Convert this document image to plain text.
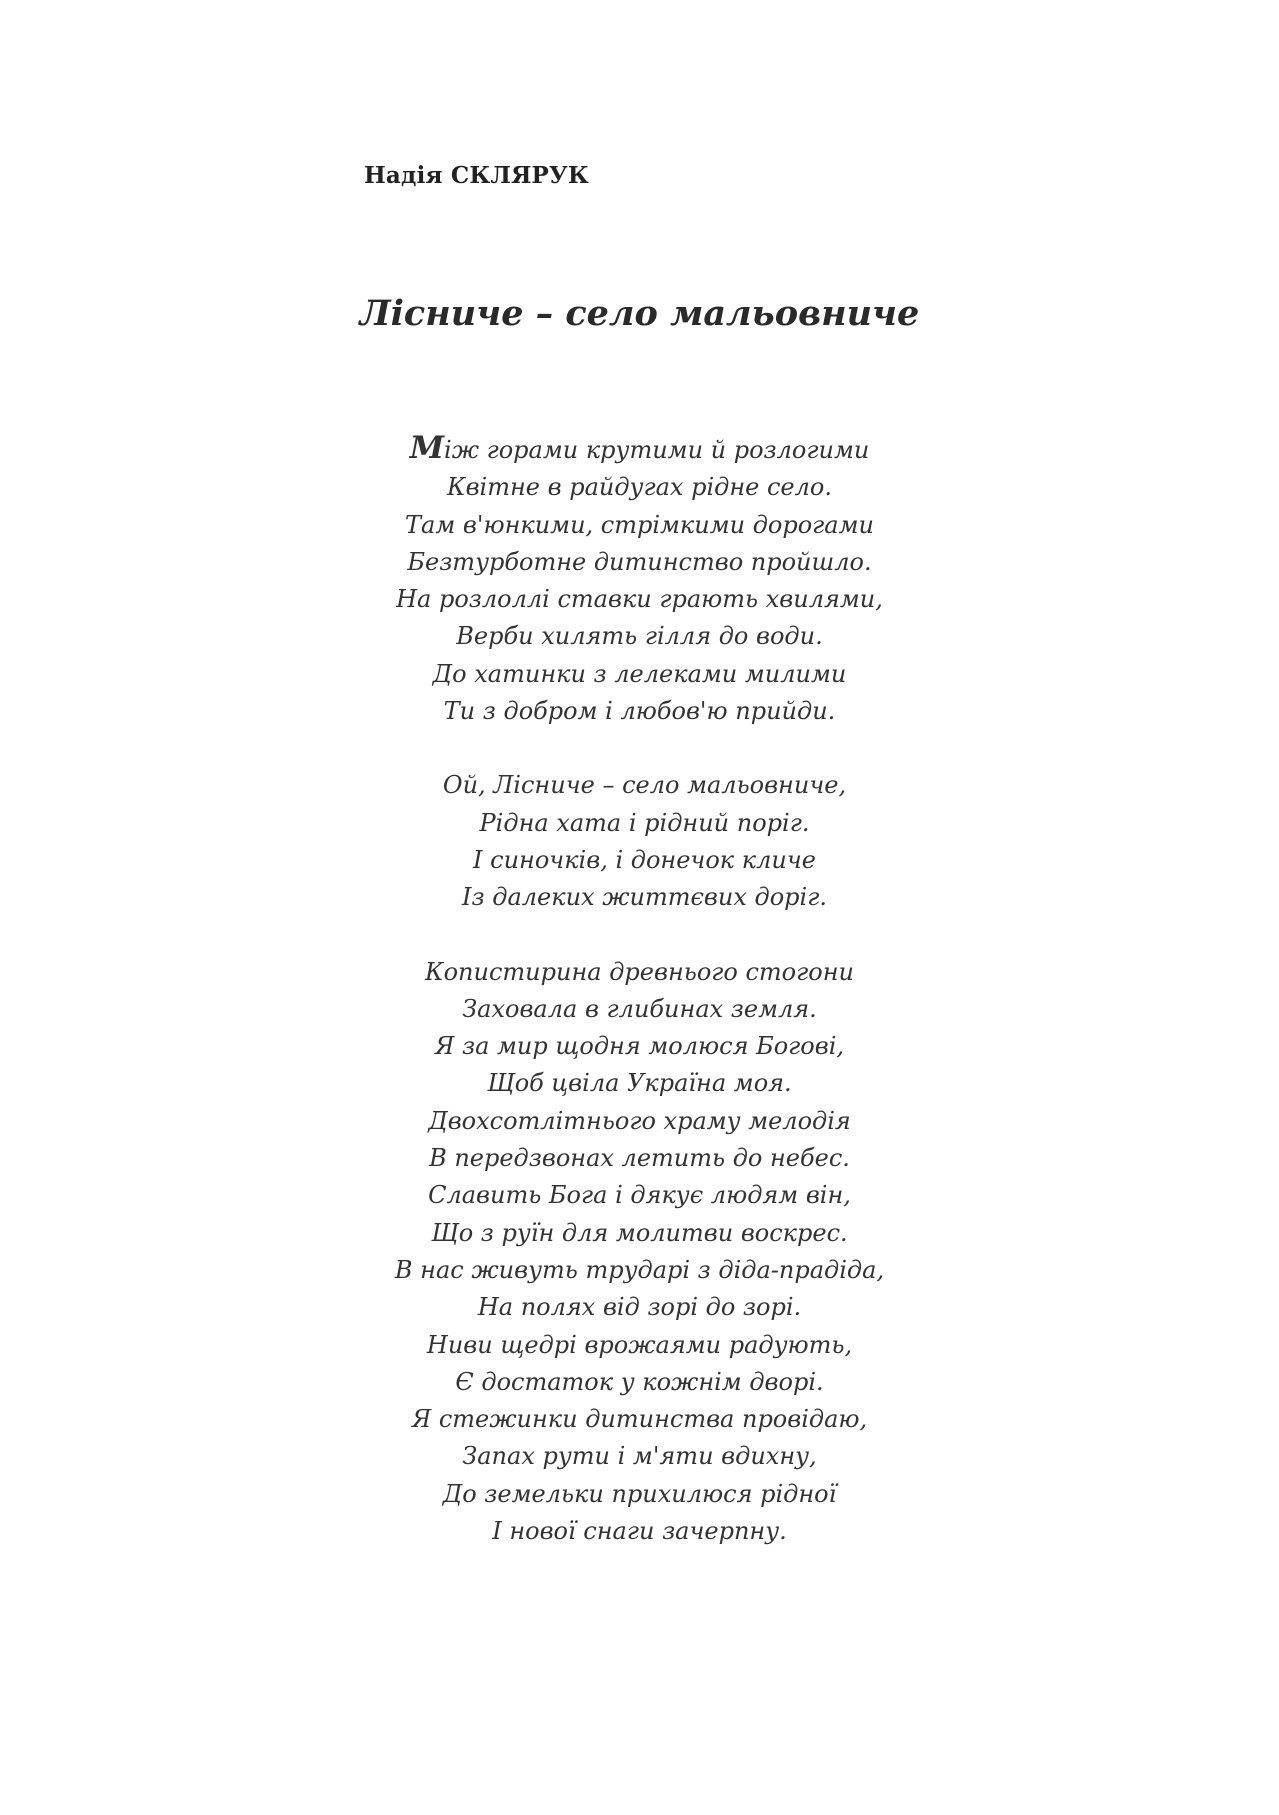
Надія СКЛЯРУК
Лісниче – село мальовниче
Між горами крутими й розлогими
Квітне в райдугах рідне село.
Там в'юнкими, стрімкими дорогами
Безтурботне дитинство пройшло.
На розлоллі ставки грають хвилями,
Верби хилять гілля до води.
До хатинки з лелеками милими
Ти з добром і любов'ю прийди.
Ой, Лісниче – село мальовниче,
Рідна хата і рідний поріг.
І синочків, і донечок кличе
Із далеких життєвих доріг.
Копистирина древнього стогони
Заховала в глибинах земля.
Я за мир щодня молюся Богові,
Щоб цвіла Україна моя.
Двохсотлітнього храму мелодія
В передзвонах летить до небес.
Славить Бога і дякує людям він,
Що з руїн для молитви воскрес.
В нас живуть трударі з діда-прадіда,
На полях від зорі до зорі.
Ниви щедрі врожаями радують,
Є достаток у кожнім дворі.
Я стежинки дитинства провідаю,
Запах рути і м'яти вдихну,
До земельки прихилюся рідної
І нової снаги зачерпну.
